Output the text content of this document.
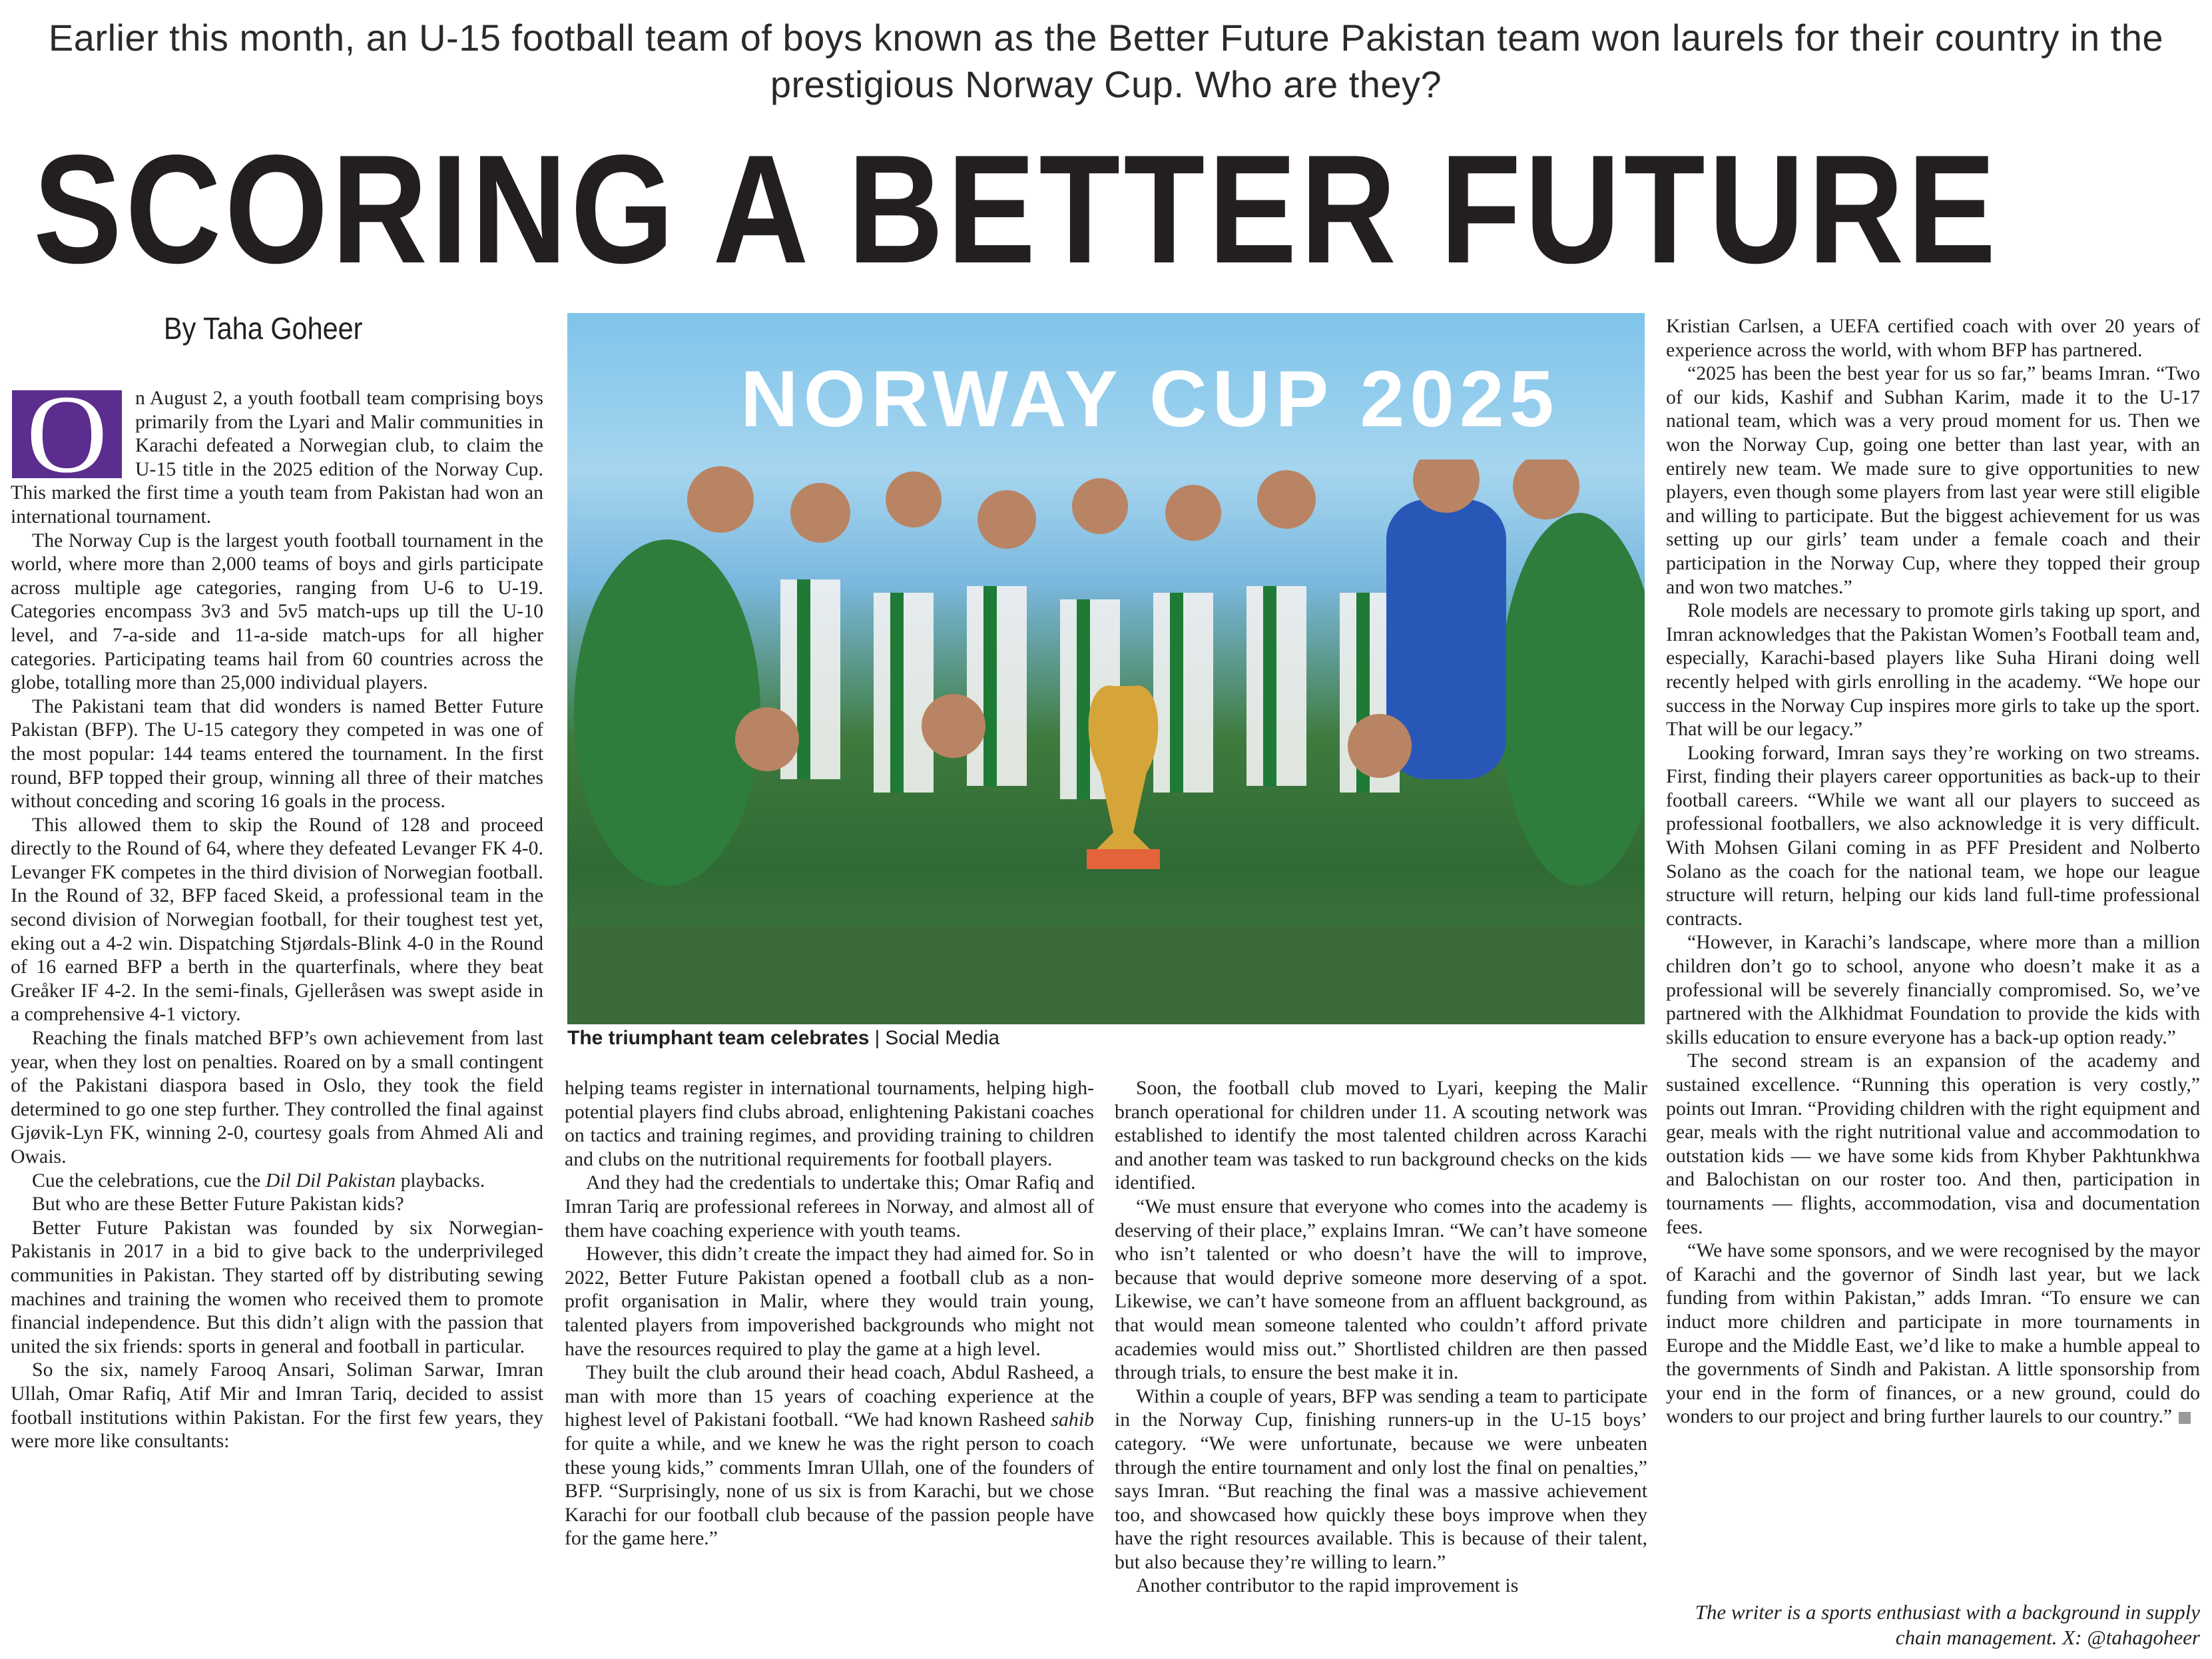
Earlier this month, an U-15 football team of boys known as the Better Future Pakistan team won laurels for their country in the prestigious Norway Cup. Who are they?
SCORING A BETTER FUTURE
By Taha Goheer

O	n August 2, a youth football team comprising boys primarily from the Lyari and Malir communities in Karachi defeated a Norwegian club, to claim the U-15 title in the 2025 edition of the Norway Cup. This marked the first time a youth team from Pakistan had won an international tournament.

The Norway Cup is the largest youth football tournament in the world, where more than 2,000 teams of boys and girls participate across multiple age categories, ranging from U-6 to U-19. Categories encompass 3v3 and 5v5 match-ups up till the U-10 level, and 7-a-side and 11-a-side match-ups for all higher categories. Participating teams hail from 60 countries across the globe, totalling more than 25,000 individual players.

The Pakistani team that did wonders is named Better Future Pakistan (BFP). The U-15 category they competed in was one of the most popular: 144 teams entered the tournament. In the first round, BFP topped their group, winning all three of their matches without conceding and scoring 16 goals in the process.

This allowed them to skip the Round of 128 and proceed directly to the Round of 64, where they defeated Levanger FK 4-0. Levanger FK competes in the third division of Norwegian football. In the Round of 32, BFP faced Skeid, a professional team in the second division of Norwegian football, for their toughest test yet, eking out a 4-2 win. Dispatching Stjørdals-Blink 4-0 in the Round of 16 earned BFP a berth in the quarterfinals, where they beat Greåker IF 4-2. In the semi-finals, Gjelleråsen was swept aside in a comprehensive 4-1 victory.

Reaching the finals matched BFP’s own achievement from last year, when they lost on penalties. Roared on by a small contingent of the Pakistani diaspora based in Oslo, they took the field determined to go one step further. They controlled the final against Gjøvik-Lyn FK, winning 2-0, courtesy goals from Ahmed Ali and Owais.

Cue the celebrations, cue the Dil Dil Pakistan playbacks.

But who are these Better Future Pakistan kids?

Better Future Pakistan was founded by six Norwegian-Pakistanis in 2017 in a bid to give back to the underprivileged communities in Pakistan. They started off by distributing sewing machines and training the women who received them to promote financial independence. But this didn’t align with the passion that united the six friends: sports in general and football in particular.

So the six, namely Farooq Ansari, Soliman Sarwar, Imran Ullah, Omar Rafiq, Atif Mir and Imran Tariq, decided to assist football institutions within Pakistan. For the first few years, they were more like consultants:

NORWAY CUP 2025
The triumphant team celebrates | Social Media

helping teams register in international tournaments, helping high-potential players find clubs abroad, enlightening Pakistani coaches on tactics and training regimes, and providing training to children and clubs on the nutritional requirements for football players.

And they had the credentials to undertake this; Omar Rafiq and Imran Tariq are professional referees in Norway, and almost all of them have coaching experience with youth teams.

However, this didn’t create the impact they had aimed for. So in 2022, Better Future Pakistan opened a football club as a non-profit organisation in Malir, where they would train young, talented players from impoverished backgrounds who might not have the resources required to play the game at a high level.

They built the club around their head coach, Abdul Rasheed, a man with more than 15 years of coaching experience at the highest level of Pakistani football. “We had known Rasheed sahib for quite a while, and we knew he was the right person to coach these young kids,” comments Imran Ullah, one of the founders of BFP. “Surprisingly, none of us six is from Karachi, but we chose Karachi for our football club because of the passion people have for the game here.”

Soon, the football club moved to Lyari, keeping the Malir branch operational for children under 11. A scouting network was established to identify the most talented children across Karachi and another team was tasked to run background checks on the kids identified.

“We must ensure that everyone who comes into the academy is deserving of their place,” explains Imran. “We can’t have someone who isn’t talented or who doesn’t have the will to improve, because that would deprive someone more deserving of a spot. Likewise, we can’t have someone from an affluent background, as that would mean someone talented who couldn’t afford private academies would miss out.” Shortlisted children are then passed through trials, to ensure the best make it in.

Within a couple of years, BFP was sending a team to participate in the Norway Cup, finishing runners-up in the U-15 boys’ category. “We were unfortunate, because we were unbeaten through the entire tournament and only lost the final on penalties,” says Imran. “But reaching the final was a massive achievement too, and showcased how quickly these boys improve when they have the right resources available. This is because of their talent, but also because they’re willing to learn.”

Another contributor to the rapid improvement is

Kristian Carlsen, a UEFA certified coach with over 20 years of experience across the world, with whom BFP has partnered.

“2025 has been the best year for us so far,” beams Imran. “Two of our kids, Kashif and Subhan Karim, made it to the U-17 national team, which was a very proud moment for us. Then we won the Norway Cup, going one better than last year, with an entirely new team. We made sure to give opportunities to new players, even though some players from last year were still eligible and willing to participate. But the biggest achievement for us was setting up our girls’ team under a female coach and their participation in the Norway Cup, where they topped their group and won two matches.”

Role models are necessary to promote girls taking up sport, and Imran acknowledges that the Pakistan Women’s Football team and, especially, Karachi-based players like Suha Hirani doing well recently helped with girls enrolling in the academy. “We hope our success in the Norway Cup inspires more girls to take up the sport. That will be our legacy.”

Looking forward, Imran says they’re working on two streams. First, finding their players career opportunities as back-up to their football careers. “While we want all our players to succeed as professional footballers, we also acknowledge it is very difficult. With Mohsen Gilani coming in as PFF President and Nolberto Solano as the coach for the national team, we hope our league structure will return, helping our kids land full-time professional contracts.

“However, in Karachi’s landscape, where more than a million children don’t go to school, anyone who doesn’t make it as a professional will be severely financially compromised. So, we’ve partnered with the Alkhidmat Foundation to provide the kids with skills education to ensure everyone has a back-up option ready.”

The second stream is an expansion of the academy and sustained excellence. “Running this operation is very costly,” points out Imran. “Providing children with the right equipment and gear, meals with the right nutritional value and accommodation to outstation kids — we have some kids from Khyber Pakhtunkhwa and Balochistan on our roster too. And then, participation in tournaments — flights, accommodation, visa and documentation fees.

“We have some sponsors, and we were recognised by the mayor of Karachi and the governor of Sindh last year, but we lack funding from within Pakistan,” adds Imran. “To ensure we can induct more children and participate in more tournaments in Europe and the Middle East, we’d like to make a humble appeal to the governments of Sindh and Pakistan. A little sponsorship from your end in the form of finances, or a new ground, could do wonders to our project and bring further laurels to our country.”

The writer is a sports enthusiast with a background in supply chain management. X: @tahagoheer
